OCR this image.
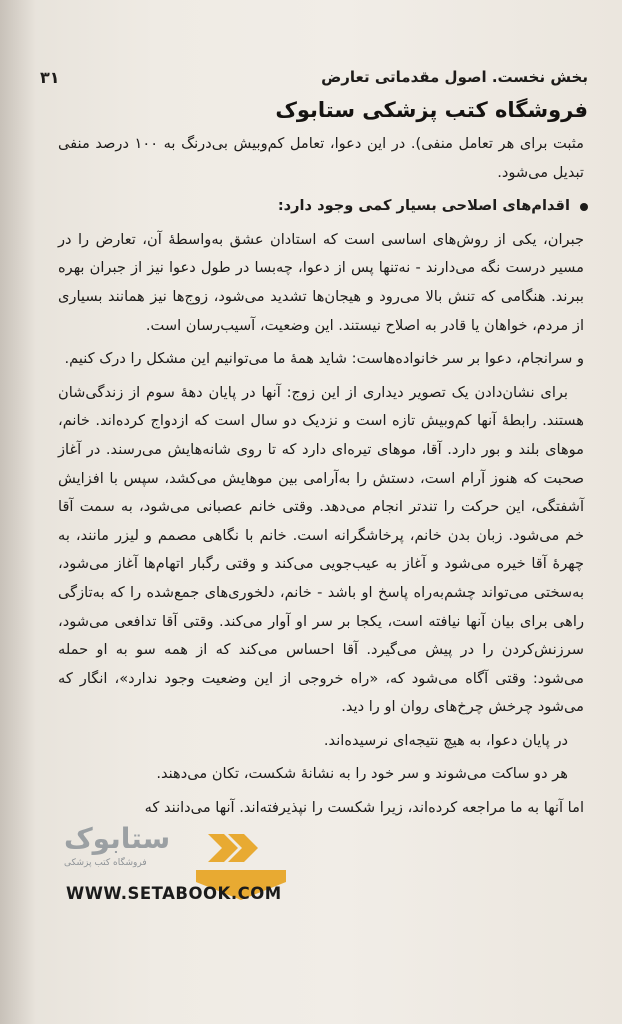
بخش نخست. اصول مقدماتی تعارض
۳۱
فروشگاه کتب پزشکی ستابوک

مثبت برای هر تعامل منفی). در این دعوا، تعامل کم‌وبیش بی‌درنگ به ۱۰۰ درصد منفی تبدیل می‌شود.

اقدام‌های اصلاحی بسیار کمی وجود دارد:

جبران، یکی از روش‌های اساسی است که استادان عشق به‌واسطهٔ آن، تعارض را در مسیر درست نگه می‌دارند - نه‌تنها پس از دعوا، چه‌بسا در طول دعوا نیز از جبران بهره ببرند. هنگامی که تنش بالا می‌رود و هیجان‌ها تشدید می‌شود، زوج‌ها نیز همانند بسیاری از مردم، خواهان یا قادر به اصلاح نیستند. این وضعیت، آسیب‌رسان است.

و سرانجام، دعوا بر سر خانواده‌هاست: شاید همهٔ ما می‌توانیم این مشکل را درک کنیم.

برای نشان‌دادن یک تصویر دیداری از این زوج: آنها در پایان دههٔ سوم از زندگی‌شان هستند. رابطهٔ آنها کم‌وبیش تازه است و نزدیک دو سال است که ازدواج کرده‌اند. خانم، موهای بلند و بور دارد. آقا، موهای تیره‌ای دارد که تا روی شانه‌هایش می‌رسند. در آغاز صحبت که هنوز آرام است، دستش را به‌آرامی بین موهایش می‌کشد، سپس با افزایش آشفتگی، این حرکت را تندتر انجام می‌دهد. وقتی خانم عصبانی می‌شود، به سمت آقا خم می‌شود. زبان بدن خانم، پرخاشگرانه است. خانم با نگاهی مصمم و لیزر مانند، به چهرهٔ آقا خیره می‌شود و آغاز به عیب‌جویی می‌کند و وقتی رگبار اتهام‌ها آغاز می‌شود، به‌سختی می‌تواند چشم‌به‌راه پاسخ او باشد - خانم، دلخوری‌های جمع‌شده را که به‌تازگی راهی برای بیان آنها نیافته است، یکجا بر سر او آوار می‌کند. وقتی آقا تدافعی می‌شود، سرزنش‌کردن را در پیش می‌گیرد. آقا احساس می‌کند که از همه سو به او حمله می‌شود: وقتی آگاه می‌شود که، «راه خروجی از این وضعیت وجود ندارد»، انگار که می‌شود چرخش چرخ‌های روان او را دید.

در پایان دعوا، به هیچ نتیجه‌ای نرسیده‌اند.

هر دو ساکت می‌شوند و سر خود را به نشانهٔ شکست، تکان می‌دهند.

اما آنها به ما مراجعه کرده‌اند، زیرا شکست را نپذیرفته‌اند. آنها می‌دانند که

ستابوک
فروشگاه کتب پزشکی
WWW.SETABOOK.COM
